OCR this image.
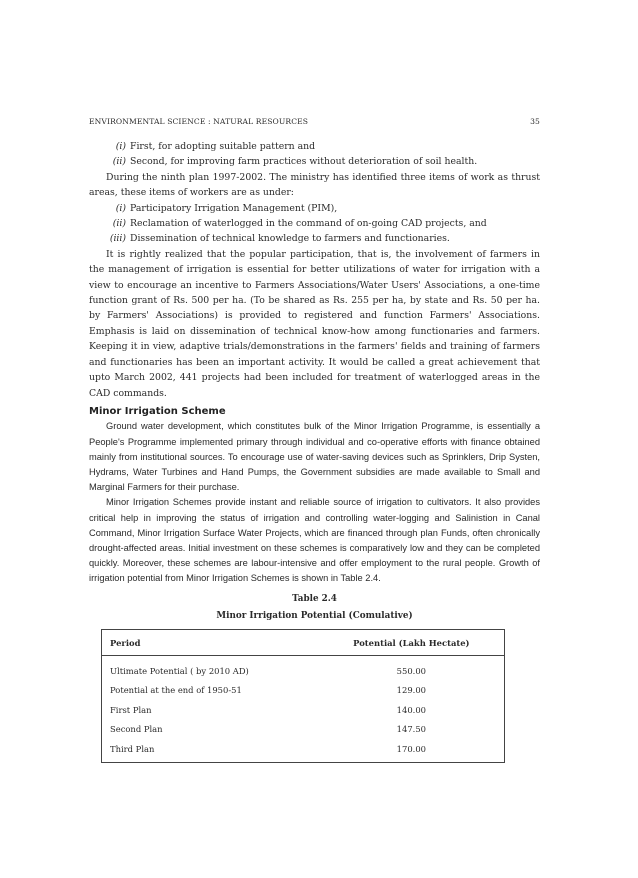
ENVIRONMENTAL SCIENCE : NATURAL RESOURCES	35
(i) First, for adopting suitable pattern and
(ii) Second, for improving farm practices without deterioration of soil health.

During the ninth plan 1997-2002. The ministry has identified three items of work as thrust areas, these items of workers are as under:

(i) Participatory Irrigation Management (PIM),
(ii) Reclamation of waterlogged in the command of on-going CAD projects, and
(iii) Dissemination of technical knowledge to farmers and functionaries.

It is rightly realized that the popular participation, that is, the involvement of farmers in the management of irrigation is essential for better utilizations of water for irrigation with a view to encourage an incentive to Farmers Associations/Water Users' Associations, a one-time function grant of Rs. 500 per ha. (To be shared as Rs. 255 per ha, by state and Rs. 50 per ha. by Farmers' Associations) is provided to registered and function Farmers' Associations. Emphasis is laid on dissemination of technical know-how among functionaries and farmers. Keeping it in view, adaptive trials/demonstrations in the farmers' fields and training of farmers and functionaries has been an important activity. It would be called a great achievement that upto March 2002, 441 projects had been included for treatment of waterlogged areas in the CAD commands.

Minor Irrigation Scheme

Ground water development, which constitutes bulk of the Minor Irrigation Programme, is essentially a People's Programme implemented primary through individual and co-operative efforts with finance obtained mainly from institutional sources. To encourage use of water-saving devices such as Sprinklers, Drip Systen, Hydrams, Water Turbines and Hand Pumps, the Government subsidies are made available to Small and Marginal Farmers for their purchase.

Minor Irrigation Schemes provide instant and reliable source of irrigation to cultivators. It also provides critical help in improving the status of irrigation and controlling water-logging and Salinistion in Canal Command, Minor Irrigation Surface Water Projects, which are financed through plan Funds, often chronically drought-affected areas. Initial investment on these schemes is comparatively low and they can be completed quickly. Moreover, these schemes are labour-intensive and offer employment to the rural people. Growth of irrigation potential from Minor Irrigation Schemes is shown in Table 2.4.

Table 2.4
Minor Irrigation Potential (Comulative)
Period	Potential (Lakh Hectate)
Ultimate Potential ( by 2010 AD)	550.00
Potential at the end of 1950-51	129.00
First Plan	140.00
Second Plan	147.50
Third Plan	170.00
